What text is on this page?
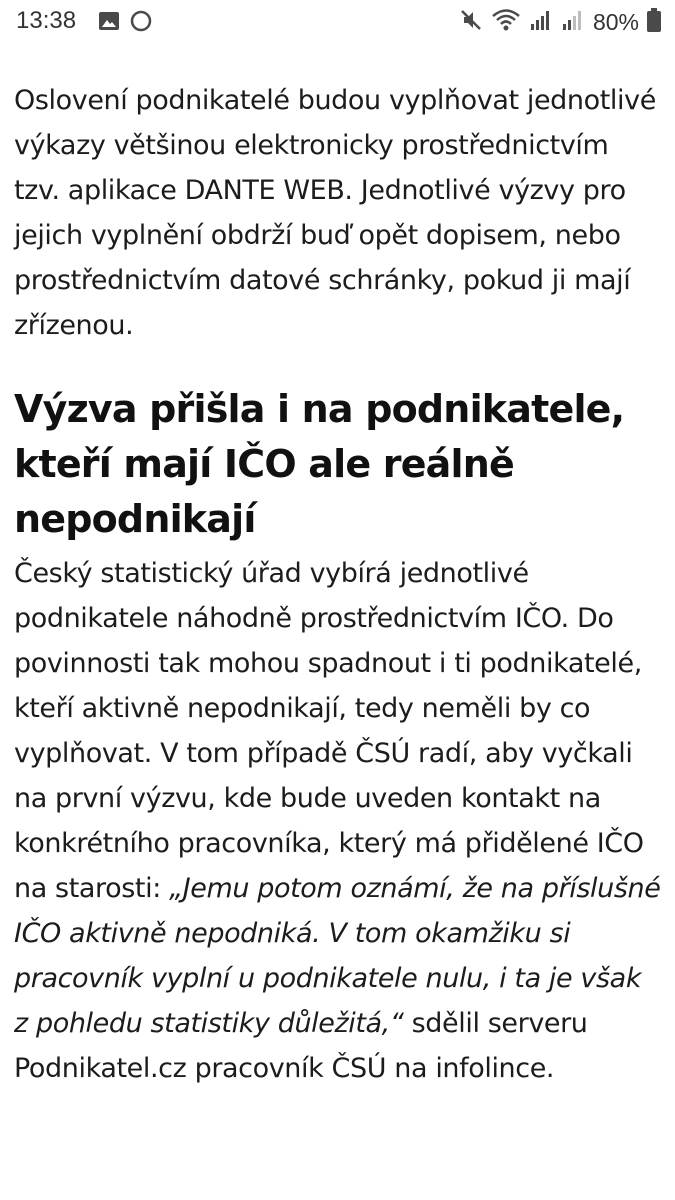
13:38	80%

Oslovení podnikatelé budou vyplňovat jednotlivé výkazy většinou elektronicky prostřednictvím tzv. aplikace DANTE WEB. Jednotlivé výzvy pro jejich vyplnění obdrží buď opět dopisem, nebo prostřednictvím datové schránky, pokud ji mají zřízenou.

Výzva přišla i na podnikatele, kteří mají IČO ale reálně nepodnikají

Český statistický úřad vybírá jednotlivé podnikatele náhodně prostřednictvím IČO. Do povinnosti tak mohou spadnout i ti podnikatelé, kteří aktivně nepodnikají, tedy neměli by co vyplňovat. V tom případě ČSÚ radí, aby vyčkali na první výzvu, kde bude uveden kontakt na konkrétního pracovníka, který má přidělené IČO na starosti: „Jemu potom oznámí, že na příslušné IČO aktivně nepodniká. V tom okamžiku si pracovník vyplní u podnikatele nulu, i ta je však z pohledu statistiky důležitá,“ sdělil serveru Podnikatel.cz pracovník ČSÚ na infolince.
